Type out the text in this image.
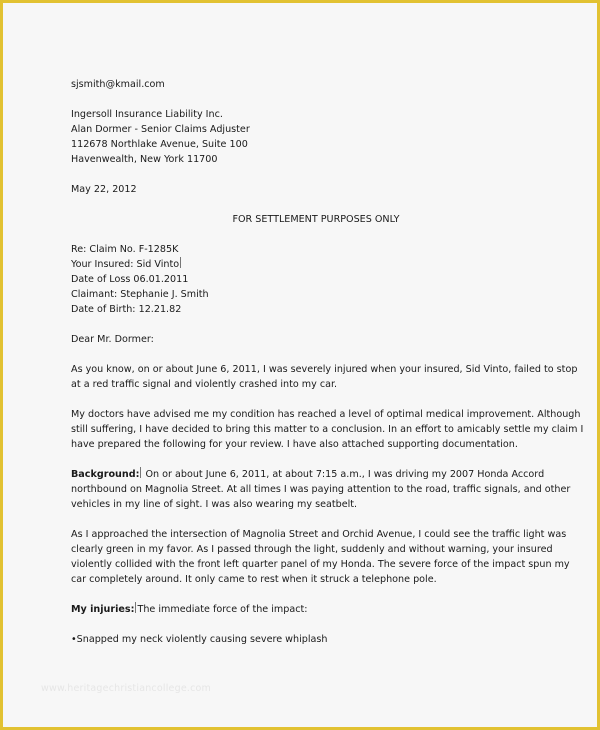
sjsmith@kmail.com
Ingersoll Insurance Liability Inc.
Alan Dormer - Senior Claims Adjuster
112678 Northlake Avenue, Suite 100
Havenwealth, New York 11700
May 22, 2012
FOR SETTLEMENT PURPOSES ONLY
Re: Claim No. F-1285K
Your Insured: Sid Vinto
Date of Loss 06.01.2011
Claimant: Stephanie J. Smith
Date of Birth: 12.21.82
Dear Mr. Dormer:
As you know, on or about June 6, 2011, I was severely injured when your insured, Sid Vinto, failed to stop
at a red traffic signal and violently crashed into my car.
My doctors have advised me my condition has reached a level of optimal medical improvement. Although
still suffering, I have decided to bring this matter to a conclusion. In an effort to amicably settle my claim I
have prepared the following for your review. I have also attached supporting documentation.
Background: On or about June 6, 2011, at about 7:15 a.m., I was driving my 2007 Honda Accord
northbound on Magnolia Street. At all times I was paying attention to the road, traffic signals, and other
vehicles in my line of sight. I was also wearing my seatbelt.
As I approached the intersection of Magnolia Street and Orchid Avenue, I could see the traffic light was
clearly green in my favor. As I passed through the light, suddenly and without warning, your insured
violently collided with the front left quarter panel of my Honda. The severe force of the impact spun my
car completely around. It only came to rest when it struck a telephone pole.
My injuries: The immediate force of the impact:
•Snapped my neck violently causing severe whiplash
www.heritagechristiancollege.com
